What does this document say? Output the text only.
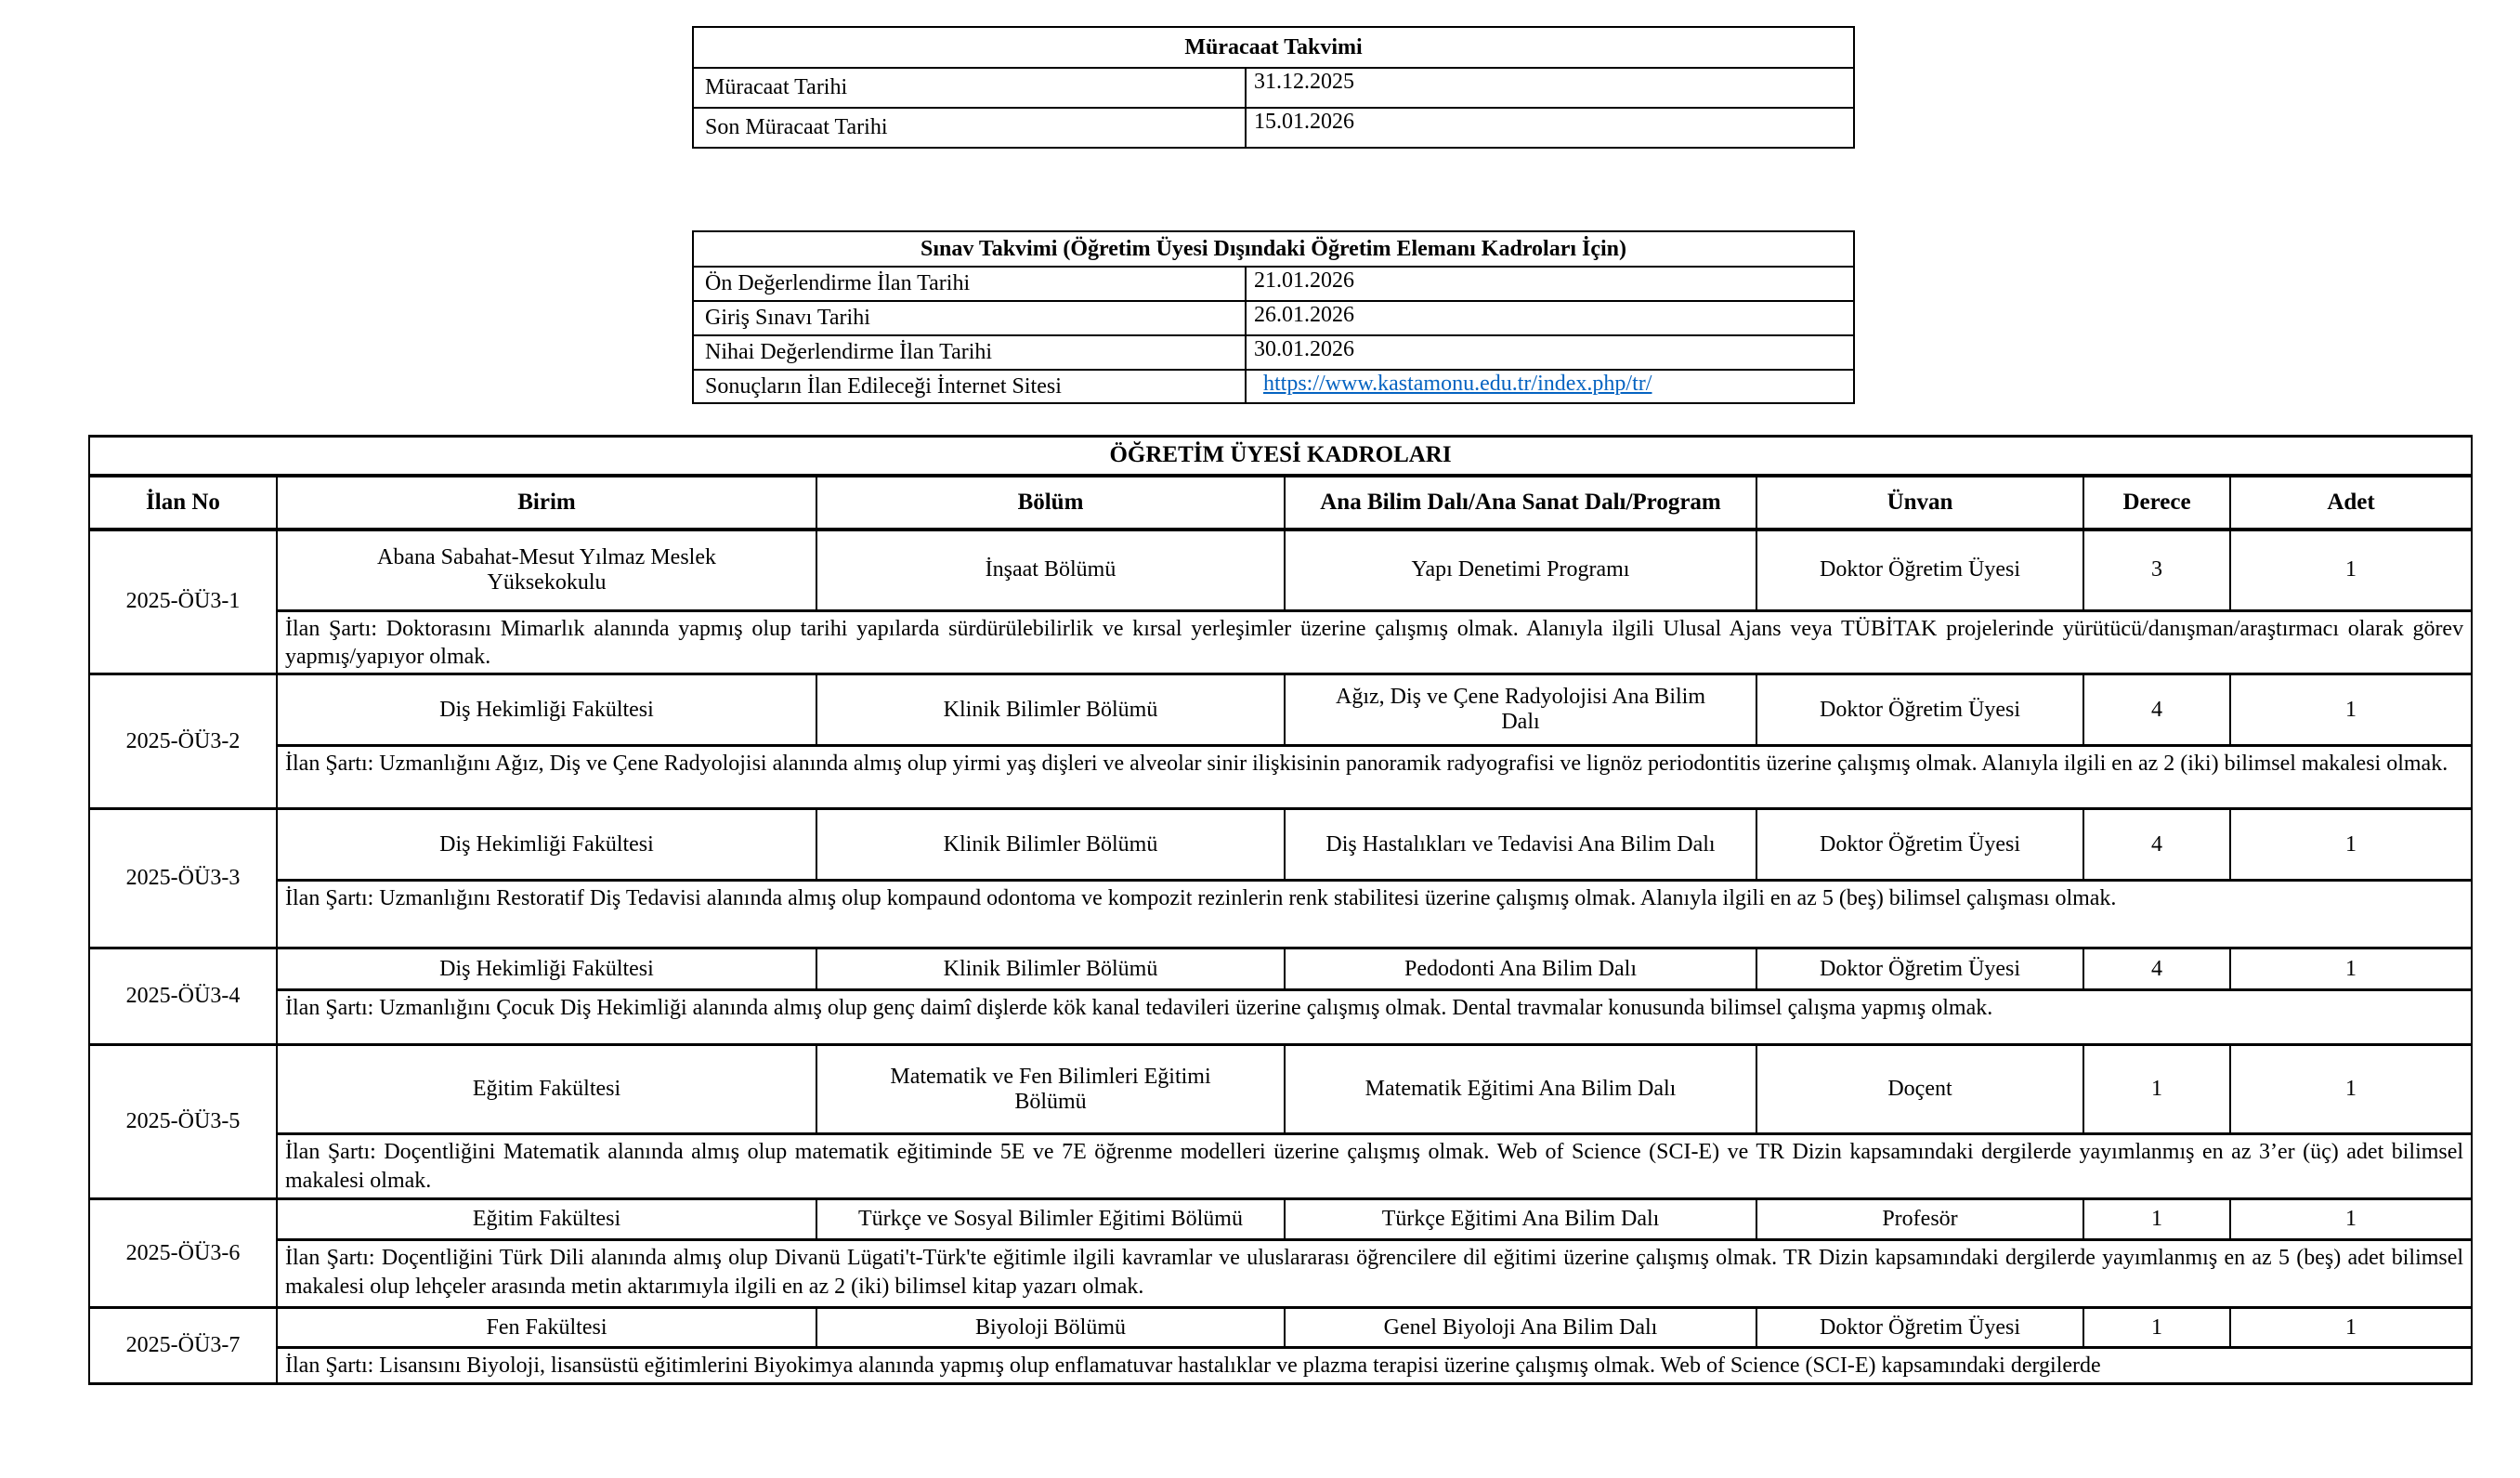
Müracaat Takvimi	
Müracaat Tarihi	31.12.2025
Son Müracaat Tarihi	15.01.2026
Sınav Takvimi (Öğretim Üyesi Dışındaki Öğretim Elemanı Kadroları İçin)	
Ön Değerlendirme İlan Tarihi	21.01.2026
Giriş Sınavı Tarihi	26.01.2026
Nihai Değerlendirme İlan Tarihi	30.01.2026
Sonuçların İlan Edileceği İnternet Sitesi	https://www.kastamonu.edu.tr/index.php/tr/
ÖĞRETİM ÜYESİ KADROLARI						
İlan No	Birim	Bölüm	Ana Bilim Dalı/Ana Sanat Dalı/Program	Ünvan	Derece	Adet
2025-ÖÜ3-1	Abana Sabahat-Mesut Yılmaz Meslek Yüksekokulu	İnşaat Bölümü	Yapı Denetimi Programı	Doktor Öğretim Üyesi	3	1
	İlan Şartı: Doktorasını Mimarlık alanında yapmış olup tarihi yapılarda sürdürülebilirlik ve kırsal yerleşimler üzerine çalışmış olmak. Alanıyla ilgili Ulusal Ajans veya TÜBİTAK projelerinde yürütücü/danışman/araştırmacı olarak görev yapmış/yapıyor olmak.					
2025-ÖÜ3-2	Diş Hekimliği Fakültesi	Klinik Bilimler Bölümü	Ağız, Diş ve Çene Radyolojisi Ana Bilim Dalı	Doktor Öğretim Üyesi	4	1
	İlan Şartı: Uzmanlığını Ağız, Diş ve Çene Radyolojisi alanında almış olup yirmi yaş dişleri ve alveolar sinir ilişkisinin panoramik radyografisi ve lignöz periodontitis üzerine çalışmış olmak. Alanıyla ilgili en az 2 (iki) bilimsel makalesi olmak.					
2025-ÖÜ3-3	Diş Hekimliği Fakültesi	Klinik Bilimler Bölümü	Diş Hastalıkları ve Tedavisi Ana Bilim Dalı	Doktor Öğretim Üyesi	4	1
	İlan Şartı: Uzmanlığını Restoratif Diş Tedavisi alanında almış olup kompaund odontoma ve kompozit rezinlerin renk stabilitesi üzerine çalışmış olmak. Alanıyla ilgili en az 5 (beş) bilimsel çalışması olmak.					
2025-ÖÜ3-4	Diş Hekimliği Fakültesi	Klinik Bilimler Bölümü	Pedodonti Ana Bilim Dalı	Doktor Öğretim Üyesi	4	1
	İlan Şartı: Uzmanlığını Çocuk Diş Hekimliği alanında almış olup genç daimî dişlerde kök kanal tedavileri üzerine çalışmış olmak. Dental travmalar konusunda bilimsel çalışma yapmış olmak.					
2025-ÖÜ3-5	Eğitim Fakültesi	Matematik ve Fen Bilimleri Eğitimi Bölümü	Matematik Eğitimi Ana Bilim Dalı	Doçent	1	1
	İlan Şartı: Doçentliğini Matematik alanında almış olup matematik eğitiminde 5E ve 7E öğrenme modelleri üzerine çalışmış olmak. Web of Science (SCI-E) ve TR Dizin kapsamındaki dergilerde yayımlanmış en az 3’er (üç) adet bilimsel makalesi olmak.					
2025-ÖÜ3-6	Eğitim Fakültesi	Türkçe ve Sosyal Bilimler Eğitimi Bölümü	Türkçe Eğitimi Ana Bilim Dalı	Profesör	1	1
	İlan Şartı: Doçentliğini Türk Dili alanında almış olup Divanü Lügati't-Türk'te eğitimle ilgili kavramlar ve uluslararası öğrencilere dil eğitimi üzerine çalışmış olmak. TR Dizin kapsamındaki dergilerde yayımlanmış en az 5 (beş) adet bilimsel makalesi olup lehçeler arasında metin aktarımıyla ilgili en az 2 (iki) bilimsel kitap yazarı olmak.					
2025-ÖÜ3-7	Fen Fakültesi	Biyoloji Bölümü	Genel Biyoloji Ana Bilim Dalı	Doktor Öğretim Üyesi	1	1
	İlan Şartı: Lisansını Biyoloji, lisansüstü eğitimlerini Biyokimya alanında yapmış olup enflamatuvar hastalıklar ve plazma terapisi üzerine çalışmış olmak. Web of Science (SCI-E) kapsamındaki dergilerde					
